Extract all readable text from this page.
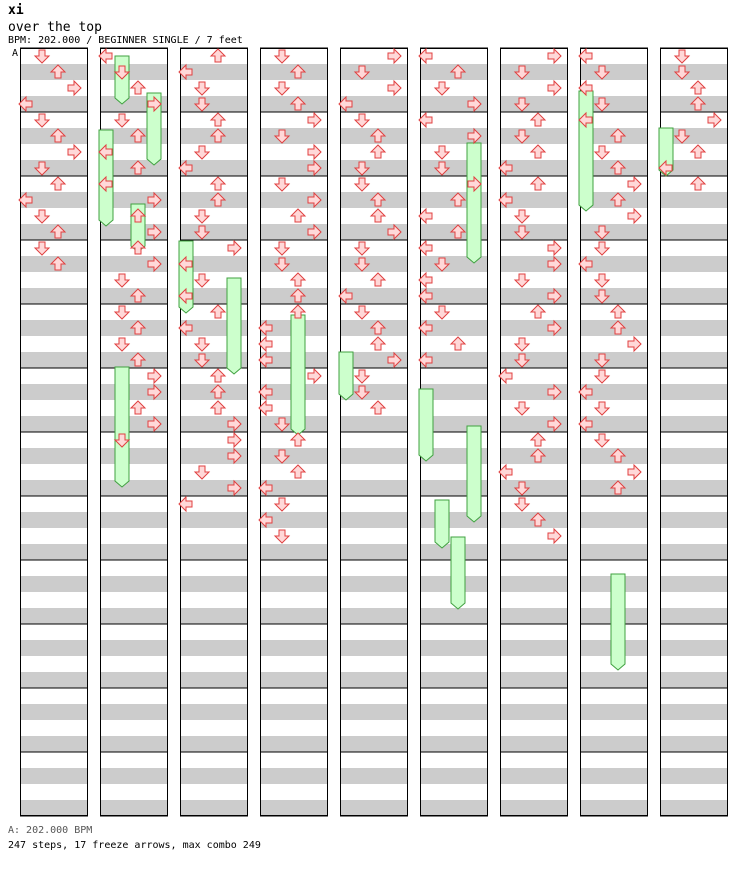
xi
over the top
BPM: 202.000 / BEGINNER SINGLE / 7 feet
A
A: 202.000 BPM
247 steps, 17 freeze arrows, max combo 249
